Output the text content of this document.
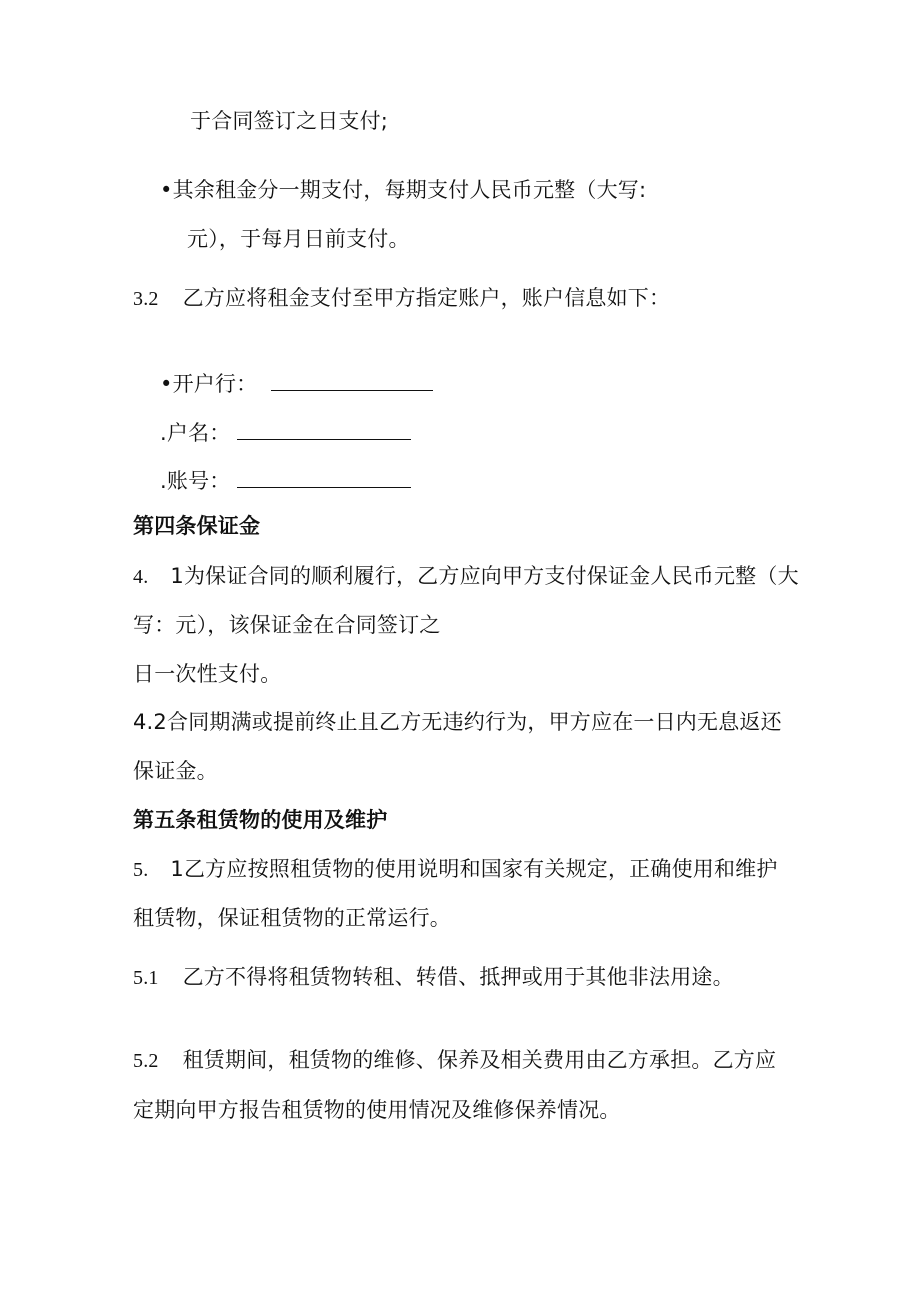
于合同签订之日支付;
•其余租金分一期支付，每期支付人民币元整（大写:
元），于每月日前支付。
3.2 乙方应将租金支付至甲方指定账户，账户信息如下：
•开户行：
.户名：
.账号：
第四条保证金
4. 1为保证合同的顺利履行，乙方应向甲方支付保证金人民币元整（大
写：元），该保证金在合同签订之
日一次性支付。
4.2合同期满或提前终止且乙方无违约行为，甲方应在一日内无息返还
保证金。
第五条租赁物的使用及维护
5. 1乙方应按照租赁物的使用说明和国家有关规定，正确使用和维护
租赁物，保证租赁物的正常运行。
5.1 乙方不得将租赁物转租、转借、抵押或用于其他非法用途。
5.2 租赁期间，租赁物的维修、保养及相关费用由乙方承担。乙方应
定期向甲方报告租赁物的使用情况及维修保养情况。
